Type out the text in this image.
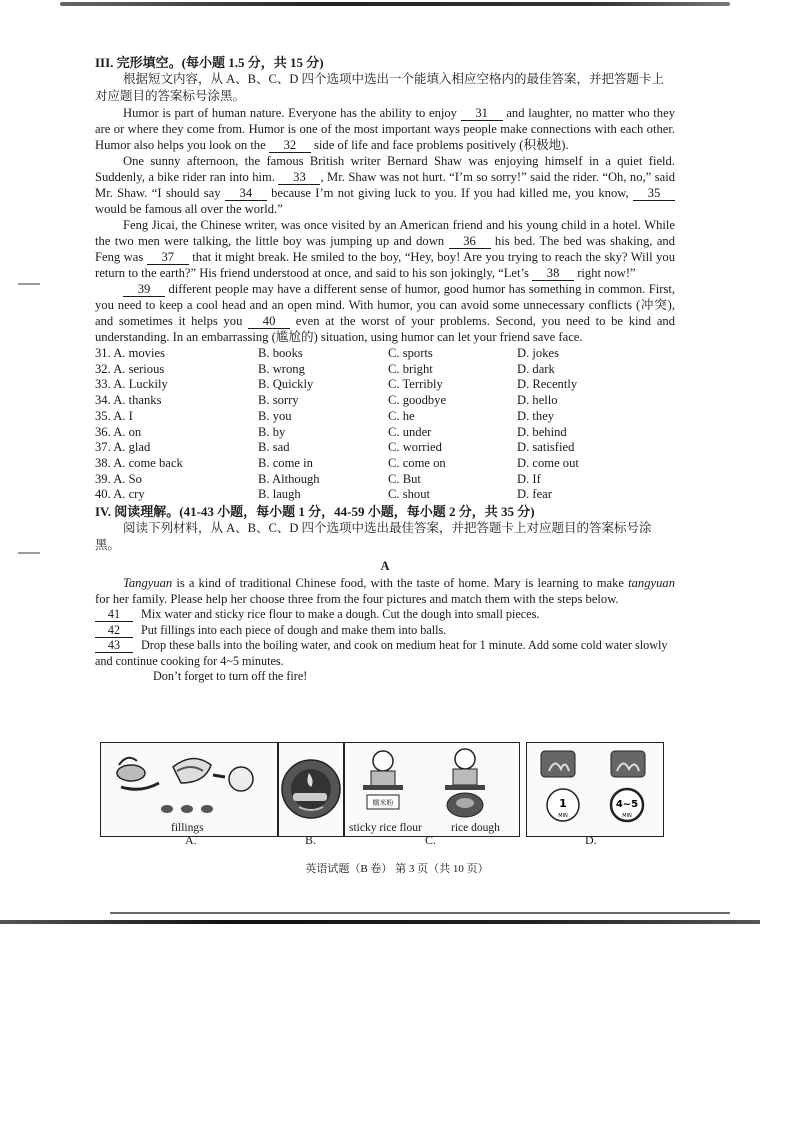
III. 完形填空。(每小题 1.5 分，共 15 分)

根据短文内容，从 A、B、C、D 四个选项中选出一个能填入相应空格内的最佳答案，并把答题卡上对应题目的答案标号涂黑。

Humor is part of human nature. Everyone has the ability to enjoy 31 and laughter, no matter who they are or where they come from. Humor is one of the most important ways people make connections with each other. Humor also helps you look on the 32 side of life and face problems positively (积极地).

One sunny afternoon, the famous British writer Bernard Shaw was enjoying himself in a quiet field. Suddenly, a bike rider ran into him. 33 , Mr. Shaw was not hurt. “I’m so sorry!” said the rider. “Oh, no,” said Mr. Shaw. “I should say 34 because I’m not giving luck to you. If you had killed me, you know, 35 would be famous all over the world.”

Feng Jicai, the Chinese writer, was once visited by an American friend and his young child in a hotel. While the two men were talking, the little boy was jumping up and down 36 his bed. The bed was shaking, and Feng was 37 that it might break. He smiled to the boy, “Hey, boy! Are you trying to reach the sky? Will you return to the earth?” His friend understood at once, and said to his son jokingly, “Let’s 38 right now!”

39 different people may have a different sense of humor, good humor has something in common. First, you need to keep a cool head and an open mind. With humor, you can avoid some unnecessary conflicts (冲突), and sometimes it helps you 40 even at the worst of your problems. Second, you need to be kind and understanding. In an embarrassing (尴尬的) situation, using humor can let your friend save face.

31. A. movies	B. books	C. sports	D. jokes
32. A. serious	B. wrong	C. bright	D. dark
33. A. Luckily	B. Quickly	C. Terribly	D. Recently
34. A. thanks	B. sorry	C. goodbye	D. hello
35. A. I	B. you	C. he	D. they
36. A. on	B. by	C. under	D. behind
37. A. glad	B. sad	C. worried	D. satisfied
38. A. come back	B. come in	C. come on	D. come out
39. A. So	B. Although	C. But	D. If
40. A. cry	B. laugh	C. shout	D. fear
IV. 阅读理解。(41-43 小题，每小题 1 分，44-59 小题，每小题 2 分，共 35 分)

阅读下列材料，从 A、B、C、D 四个选项中选出最佳答案，并把答题卡上对应题目的答案标号涂黑。

A

Tangyuan is a kind of traditional Chinese food, with the taste of home. Mary is learning to make tangyuan for her family. Please help her choose three from the four pictures and match them with the steps below.

41 Mix water and sticky rice flour to make a dough. Cut the dough into small pieces.

42 Put fillings into each piece of dough and make them into balls.

43 Drop these balls into the boiling water, and cook on medium heat for 1 minute. Add some cold water slowly and continue cooking for 4~5 minutes.

Don’t forget to turn off the fire!

fillings
糯米粉
sticky rice flour	rice dough
1
MIN
4~5
MIN
A.	B.	C.	D.
英语试题（B 卷） 第 3 页（共 10 页）
